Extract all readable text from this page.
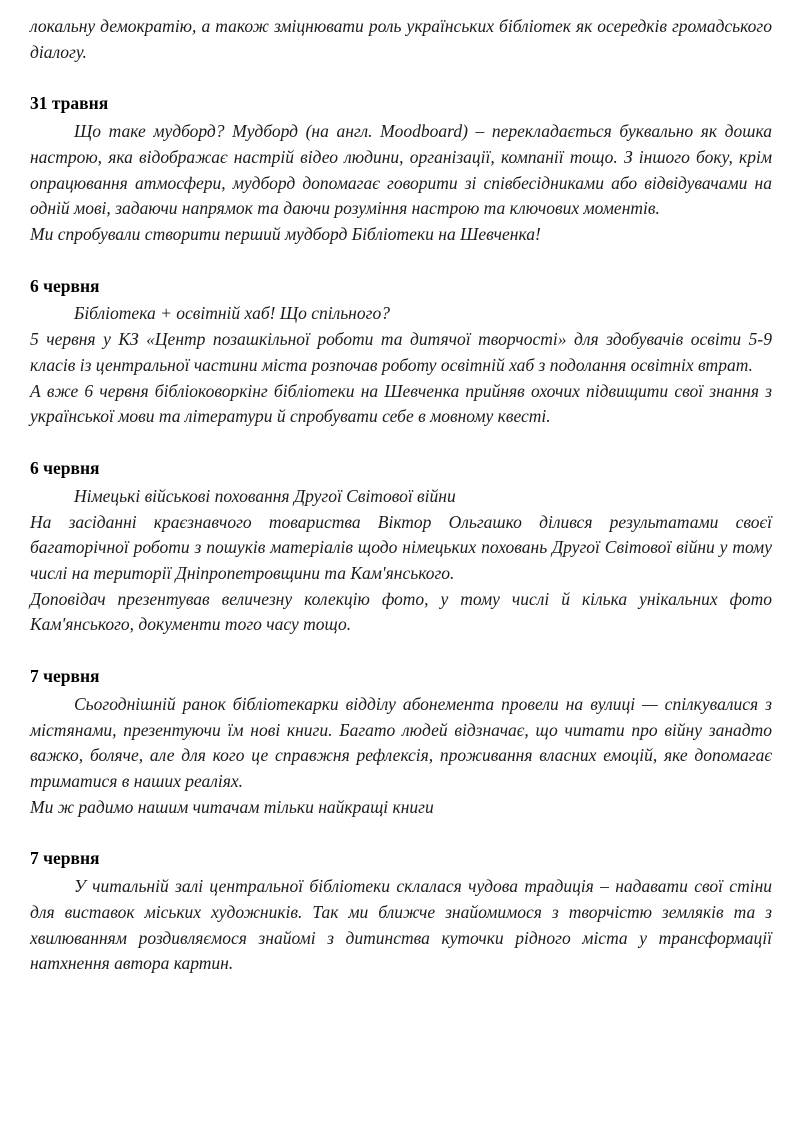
локальну демократію, а також зміцнювати роль українських бібліотек як осередків громадського діалогу.

31 травня

Що таке мудборд? Мудборд (на англ. Moodboard) – перекладається буквально як дошка настрою, яка відображає настрій відео людини, організації, компанії тощо. З іншого боку, крім опрацювання атмосфери, мудборд допомагає говорити зі співбесідниками або відвідувачами на одній мові, задаючи напрямок та даючи розуміння настрою та ключових моментів.

Ми спробували створити перший мудборд Бібліотеки на Шевченка!

6 червня

Бібліотека + освітній хаб! Що спільного?

5 червня у КЗ «Центр позашкільної роботи та дитячої творчості» для здобувачів освіти 5-9 класів із центральної частини міста розпочав роботу освітній хаб з подолання освітніх втрат.

А вже 6 червня бібліоковоркінг бібліотеки на Шевченка прийняв охочих підвищити свої знання з української мови та літератури й спробувати себе в мовному квесті.

6 червня

Німецькі військові поховання Другої Світової війни

На засіданні краєзнавчого товариства Віктор Ольгашко ділився результатами своєї багаторічної роботи з пошуків матеріалів щодо німецьких поховань Другої Світової війни у тому числі на території Дніпропетровщини та Кам'янського.

Доповідач презентував величезну колекцію фото, у тому числі й кілька унікальних фото Кам'янського, документи того часу тощо.

7 червня

Сьогоднішній ранок бібліотекарки відділу абонемента провели на вулиці — спілкувалися з містянами, презентуючи їм нові книги. Багато людей відзначає, що читати про війну занадто важко, боляче, але для кого це справжня рефлексія, проживання власних емоцій, яке допомагає триматися в наших реаліях.

Ми ж радимо нашим читачам тільки найкращі книги

7 червня

У читальній залі центральної бібліотеки склалася чудова традиція – надавати свої стіни для виставок міських художників. Так ми ближче знайомимося з творчістю земляків та з хвилюванням роздивляємося знайомі з дитинства куточки рідного міста у трансформації натхнення автора картин.
